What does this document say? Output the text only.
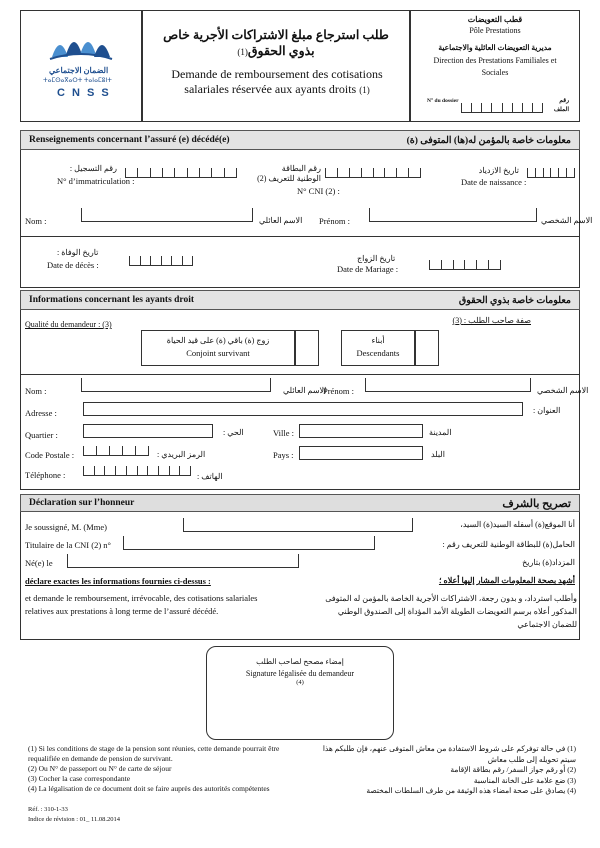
الضمان الاجتماعي
ⵜⴰⵎⵙⴰⴳⴰⵔⵜ ⵜⴰⵏⴰⵎⵓⵏⵜ
C N S S
طلب استرجاع مبلغ الاشتراكات الأجرية خاص بذوي الحقوق(1)
Demande de remboursement des cotisations salariales réservée aux ayants droits (1)
قطب التعويضات
Pôle Prestations
مديرية التعويضات العائلية والاجتماعية
Direction des Prestations Familiales et Sociales
N° du dossier	رقم الملف
Renseignements concernant l’assuré (e) décédé(e)	معلومات خاصة بالمؤمن له(ها) المتوفى (ة)
رقم التسجيل :
N° d’immatriculation :
رقم البطاقة الوطنية للتعريف (2)
N° CNI (2) :
تاريخ الازدياد
Date de naissance :
Nom :	الاسم العائلي Prénom :	الاسم الشخصي
تاريخ الوفاة :
Date de décès :
تاريخ الزواج
Date de Mariage :
Informations concernant les ayants droit	معلومات خاصة بذوي الحقوق
Qualité du demandeur : (3)	صفة صاحب الطلب : (3)
زوج (ة) باقي (ة) على قيد الحياة
Conjoint survivant
أبناء
Descendants
Nom :	الاسم العائلي
Prénom :	الاسم الشخصي
Adresse :	العنوان :
Quartier :	الحي :	Ville :	المدينة
Code Postale :	الرمز البريدي :	Pays :	البلد
Téléphone :	الهاتف :
Déclaration sur l’honneur	تصريح بالشرف
Je soussigné, M. (Mme)	أنا الموقع(ة) أسفله السيد(ة) السيد،
Titulaire de la CNI (2) n°	الحامل(ة) للبطاقة الوطنية للتعريف رقم :
Né(e) le	المزداد(ة) بتاريخ
déclare exactes les informations fournies ci-dessus :	أشهد بصحة المعلومات المشار إليها أعلاه ؛
et demande le remboursement, irrévocable, des cotisations salariales relatives aux prestations à long terme de l’assuré décédé.
وأطلب استرداد، و بدون رجعة، الاشتراكات الأجرية الخاصة بالمؤمن له المتوفى المذكور أعلاه برسم التعويضات الطويلة الأمد المؤداة إلى الصندوق الوطني للضمان الاجتماعي
إمضاء مصحح لصاحب الطلب
Signature légalisée du demandeur
(4)
(1) Si les conditions de stage de la pension sont réunies, cette demande pourrait être requalifiée en demande de pension de survivant.
(2) Ou N° de passeport ou N° de carte de séjour
(3) Cocher la case correspondante
(4) La légalisation de ce document doit se faire auprès des autorités compétentes
(1) في حالة توفركم على شروط الاستفادة من معاش المتوفى عنهم، فإن طلبكم هذا سيتم تحويله إلى طلب معاش
(2) أو رقم جواز السفر/ رقم بطاقة الإقامة
(3) ضع علامة على الخانة المناسبة
(4) يصادق على صحة امضاء هذه الوثيقة من طرف السلطات المختصة
Réf. : 310-1-33
Indice de révision : 01_ 11.08.2014
